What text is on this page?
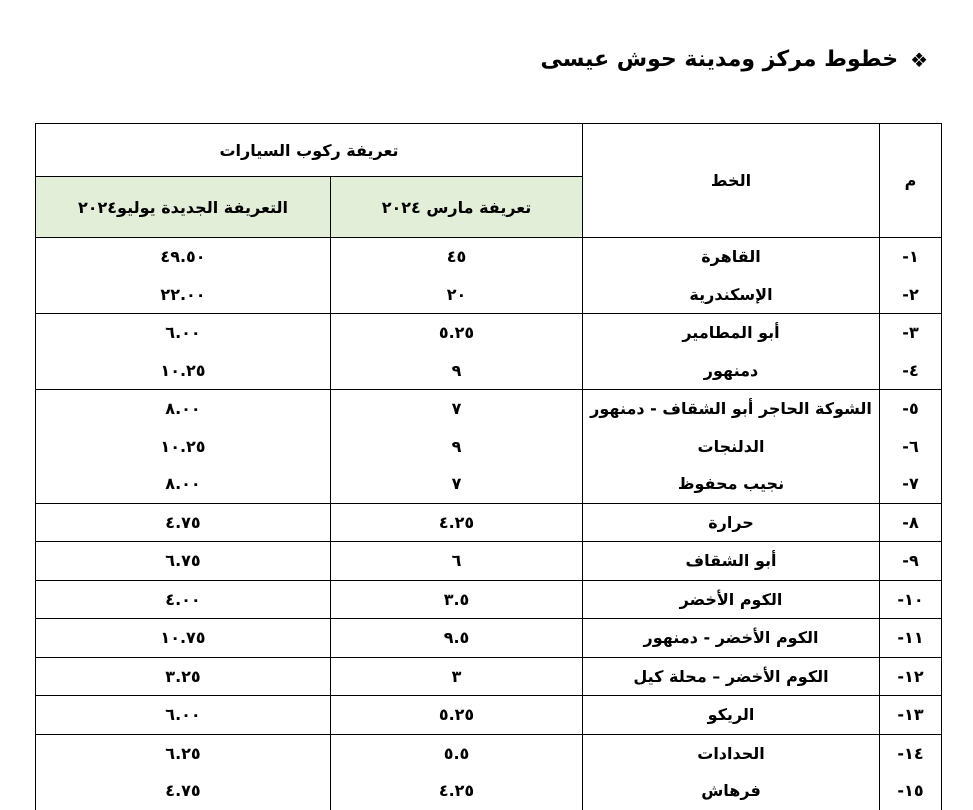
❖
خطوط مركز ومدينة حوش عيسى
م	الخط	تعريفة ركوب السيارات	
		تعريفة مارس ٢٠٢٤	التعريفة الجديدة يوليو٢٠٢٤
١-	القاهرة	٤٥	٤٩.٥٠
٢-	الإسكندرية	٢٠	٢٢.٠٠
٣-	أبو المطامير	٥.٢٥	٦.٠٠
٤-	دمنهور	٩	١٠.٢٥
٥-	الشوكة الحاجر أبو الشقاف - دمنهور	٧	٨.٠٠
٦-	الدلنجات	٩	١٠.٢٥
٧-	نجيب محفوظ	٧	٨.٠٠
٨-	حرارة	٤.٢٥	٤.٧٥
٩-	أبو الشقاف	٦	٦.٧٥
١٠-	الكوم الأخضر	٣.٥	٤.٠٠
١١-	الكوم الأخضر - دمنهور	٩.٥	١٠.٧٥
١٢-	الكوم الأخضر – محلة كيل	٣	٣.٢٥
١٣-	الريكو	٥.٢٥	٦.٠٠
١٤-	الحدادات	٥.٥	٦.٢٥
١٥-	فرهاش	٤.٢٥	٤.٧٥
